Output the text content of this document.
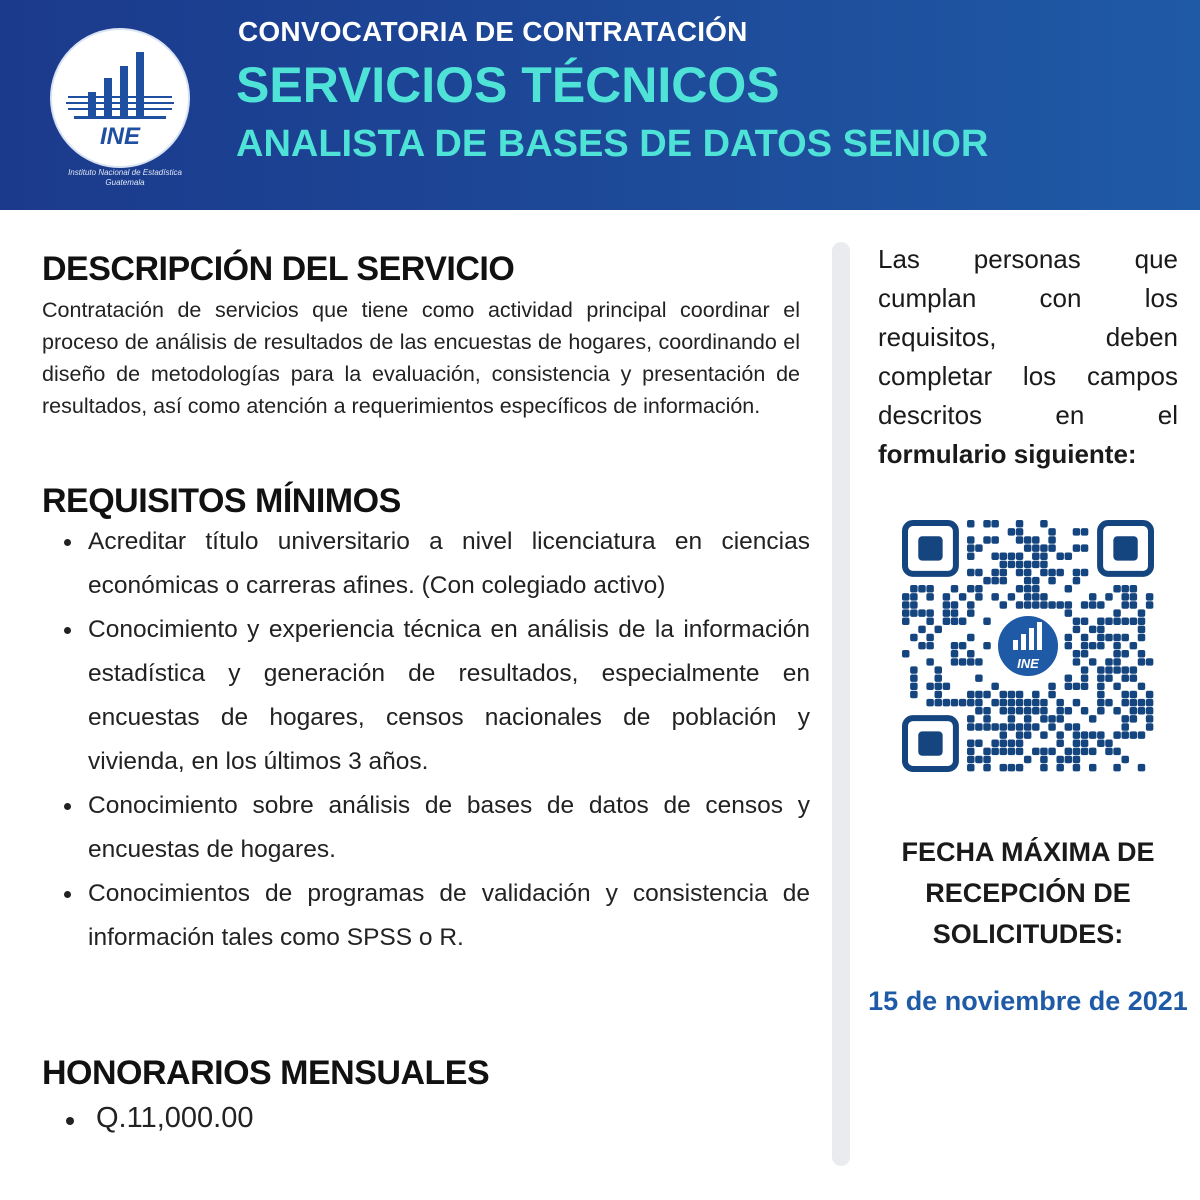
INE
Instituto Nacional de Estadística
Guatemala
CONVOCATORIA DE CONTRATACIÓN
SERVICIOS TÉCNICOS
ANALISTA DE BASES DE DATOS SENIOR
DESCRIPCIÓN DEL SERVICIO
Contratación de servicios que tiene como actividad principal coordinar el proceso de análisis de resultados de las encuestas de hogares, coordinando el diseño de metodologías para la evaluación, consistencia y presentación de resultados, así como atención a requerimientos específicos de información.
REQUISITOS MÍNIMOS
Acreditar título universitario a nivel licenciatura en ciencias económicas o carreras afines. (Con colegiado activo)
Conocimiento y experiencia técnica en análisis de la información estadística y generación de resultados, especialmente en encuestas de hogares, censos nacionales de población y vivienda, en los últimos 3 años.
Conocimiento sobre análisis de bases de datos de censos y encuestas de hogares.
Conocimientos de programas de validación y consistencia de información tales como SPSS o R.
HONORARIOS MENSUALES
Q.11,000.00
Las personas que cumplan con los requisitos, deben completar los campos descritos en el
formulario siguiente:
INE
FECHA MÁXIMA DE RECEPCIÓN DE SOLICITUDES:
15 de noviembre de 2021
